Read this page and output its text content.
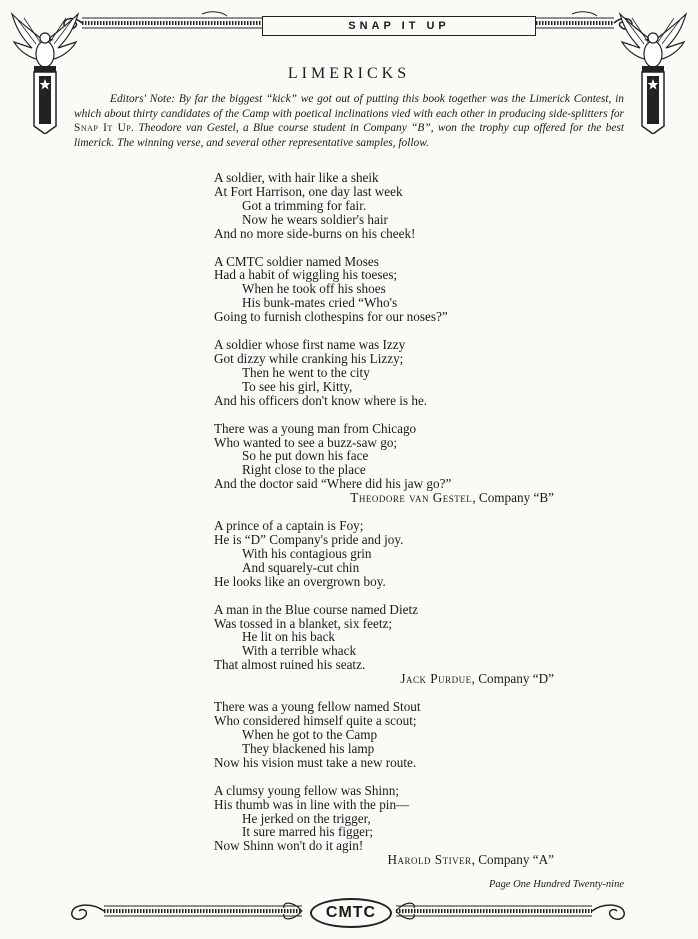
SNAP IT UP
LIMERICKS
Editors' Note: By far the biggest “kick” we got out of putting this book together was the Limerick Contest, in which about thirty candidates of the Camp with poetical inclinations vied with each other in producing side-splitters for Snap It Up. Theodore van Gestel, a Blue course student in Company “B”, won the trophy cup offered for the best limerick. The winning verse, and several other representative samples, follow.
A soldier, with hair like a sheik
At Fort Harrison, one day last week
Got a trimming for fair.
Now he wears soldier's hair
And no more side-burns on his cheek!
A CMTC soldier named Moses
Had a habit of wiggling his toeses;
When he took off his shoes
His bunk-mates cried “Who's
Going to furnish clothespins for our noses?”
A soldier whose first name was Izzy
Got dizzy while cranking his Lizzy;
Then he went to the city
To see his girl, Kitty,
And his officers don't know where is he.
There was a young man from Chicago
Who wanted to see a buzz-saw go;
So he put down his face
Right close to the place
And the doctor said “Where did his jaw go?”
Theodore van Gestel, Company “B”
A prince of a captain is Foy;
He is “D” Company's pride and joy.
With his contagious grin
And squarely-cut chin
He looks like an overgrown boy.
A man in the Blue course named Dietz
Was tossed in a blanket, six feetz;
He lit on his back
With a terrible whack
That almost ruined his seatz.
Jack Purdue, Company “D”
There was a young fellow named Stout
Who considered himself quite a scout;
When he got to the Camp
They blackened his lamp
Now his vision must take a new route.
A clumsy young fellow was Shinn;
His thumb was in line with the pin—
He jerked on the trigger,
It sure marred his figger;
Now Shinn won't do it agin!
Harold Stiver, Company “A”
Page One Hundred Twenty-nine
CMTC
